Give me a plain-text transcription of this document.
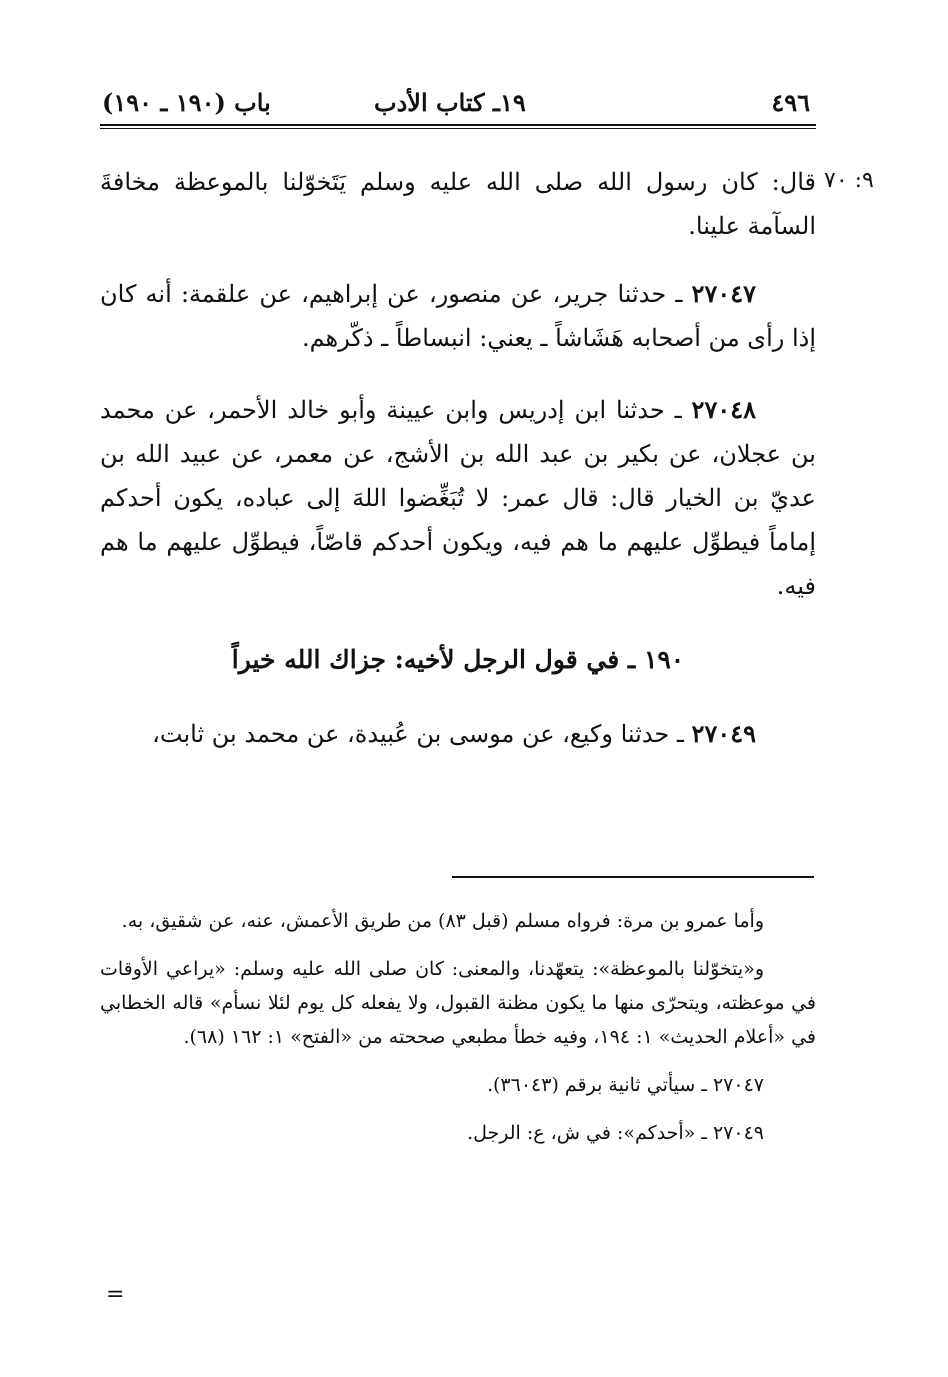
٤٩٦
١٩ـ كتاب الأدب
باب (١٩٠ ـ ١٩٠)
٩: ٧٠

قال: كان رسول الله صلى الله عليه وسلم يَتَخوّلنا بالموعظة مخافةَ السآمة علينا.

٢٧٠٤٧ ـ حدثنا جرير، عن منصور، عن إبراهيم، عن علقمة: أنه كان إذا رأى من أصحابه هَشَاشاً ـ يعني: انبساطاً ـ ذكّرهم.

٢٧٠٤٨ ـ حدثنا ابن إدريس وابن عيينة وأبو خالد الأحمر، عن محمد بن عجلان، عن بكير بن عبد الله بن الأشج، عن معمر، عن عبيد الله بن عديّ بن الخيار قال: قال عمر: لا تُبَغِّضوا اللهَ إلى عباده، يكون أحدكم إماماً فيطوِّل عليهم ما هم فيه، ويكون أحدكم قاصّاً، فيطوِّل عليهم ما هم فيه.

١٩٠ ـ في قول الرجل لأخيه: جزاك الله خيراً

٢٧٠٤٩ ـ حدثنا وكيع، عن موسى بن عُبيدة، عن محمد بن ثابت،

وأما عمرو بن مرة: فرواه مسلم (قبل ٨٣) من طريق الأعمش، عنه، عن شقيق، به.

و«يتخوّلنا بالموعظة»: يتعهّدنا، والمعنى: كان صلى الله عليه وسلم: «يراعي الأوقات في موعظته، ويتحرّى منها ما يكون مظنة القبول، ولا يفعله كل يوم لئلا نسأم» قاله الخطابي في «أعلام الحديث» ١: ١٩٤، وفيه خطأ مطبعي صححته من «الفتح» ١: ١٦٢ (٦٨).

٢٧٠٤٧ ـ سيأتي ثانية برقم (٣٦٠٤٣).

٢٧٠٤٩ ـ «أحدكم»: في ش، ع: الرجل.

=
